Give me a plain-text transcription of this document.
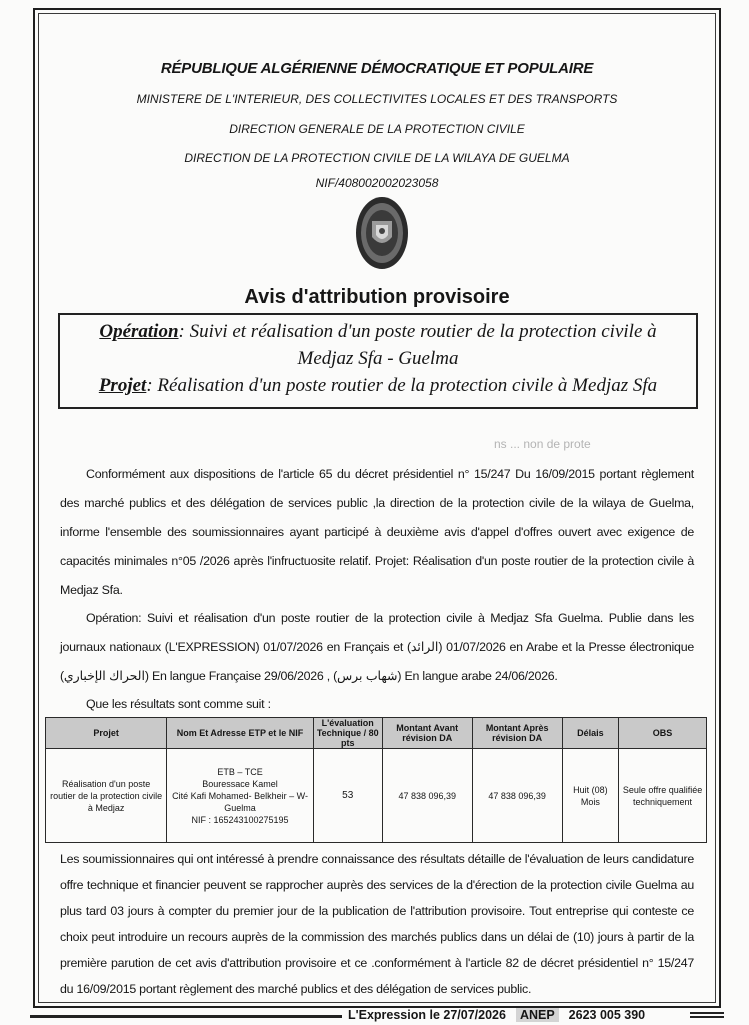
RÉPUBLIQUE ALGÉRIENNE DÉMOCRATIQUE ET POPULAIRE
MINISTERE DE L'INTERIEUR, DES COLLECTIVITES LOCALES ET DES TRANSPORTS
DIRECTION GENERALE DE LA PROTECTION CIVILE
DIRECTION DE LA PROTECTION CIVILE DE LA WILAYA DE GUELMA
NIF/408002002023058
Avis d'attribution provisoire
Opération: Suivi et réalisation d'un poste routier de la protection civile à
Medjaz Sfa - Guelma
Projet: Réalisation d'un poste routier de la protection civile à Medjaz Sfa
ns ... non de prote
Conformément aux dispositions de l'article 65 du décret présidentiel n° 15/247 Du 16/09/2015 portant règlement des marché publics et des délégation de services public ,la direction de la protection civile de la wilaya de Guelma, informe l'ensemble des soumissionnaires ayant participé à deuxième avis d'appel d'offres ouvert avec exigence de capacités minimales n°05 /2026 après l'infructuosite relatif. Projet: Réalisation d'un poste routier de la protection civile à Medjaz Sfa.
Opération: Suivi et réalisation d'un poste routier de la protection civile à Medjaz Sfa Guelma. Publie dans les journaux nationaux (L'EXPRESSION) 01/07/2026 en Français et (الرائد) 01/07/2026 en Arabe et la Presse électronique (الحراك الإخباري) En langue Française 29/06/2026 , (شهاب برس) En langue arabe 24/06/2026.
Que les résultats sont comme suit :
Projet	Nom Et Adresse ETP et le NIF	L'évaluation Technique / 80 pts	Montant Avant révision DA	Montant Après révision DA	Délais	OBS
Réalisation d'un poste routier de la protection civile à Medjaz	ETB – TCE
Bouressace Kamel
Cité Kafi Mohamed- Belkheir – W- Guelma
NIF : 165243100275195	53	47 838 096,39	47 838 096,39	Huit (08) Mois	Seule offre qualifiée techniquement
Les soumissionnaires qui ont intéressé à prendre connaissance des résultats détaille de l'évaluation de leurs candidature offre technique et financier peuvent se rapprocher auprès des services de la d'érection de la protection civile Guelma au plus tard 03 jours à compter du premier jour de la publication de l'attribution provisoire. Tout entreprise qui conteste ce choix peut introduire un recours auprès de la commission des marchés publics dans un délai de (10) jours à partir de la première parution de cet avis d'attribution provisoire et ce .conformément à l'article 82 de décret présidentiel n° 15/247 du 16/09/2015 portant règlement des marché publics et des délégation de services public.
L'Expression le 27/07/2026 ANEP 2623 005 390
